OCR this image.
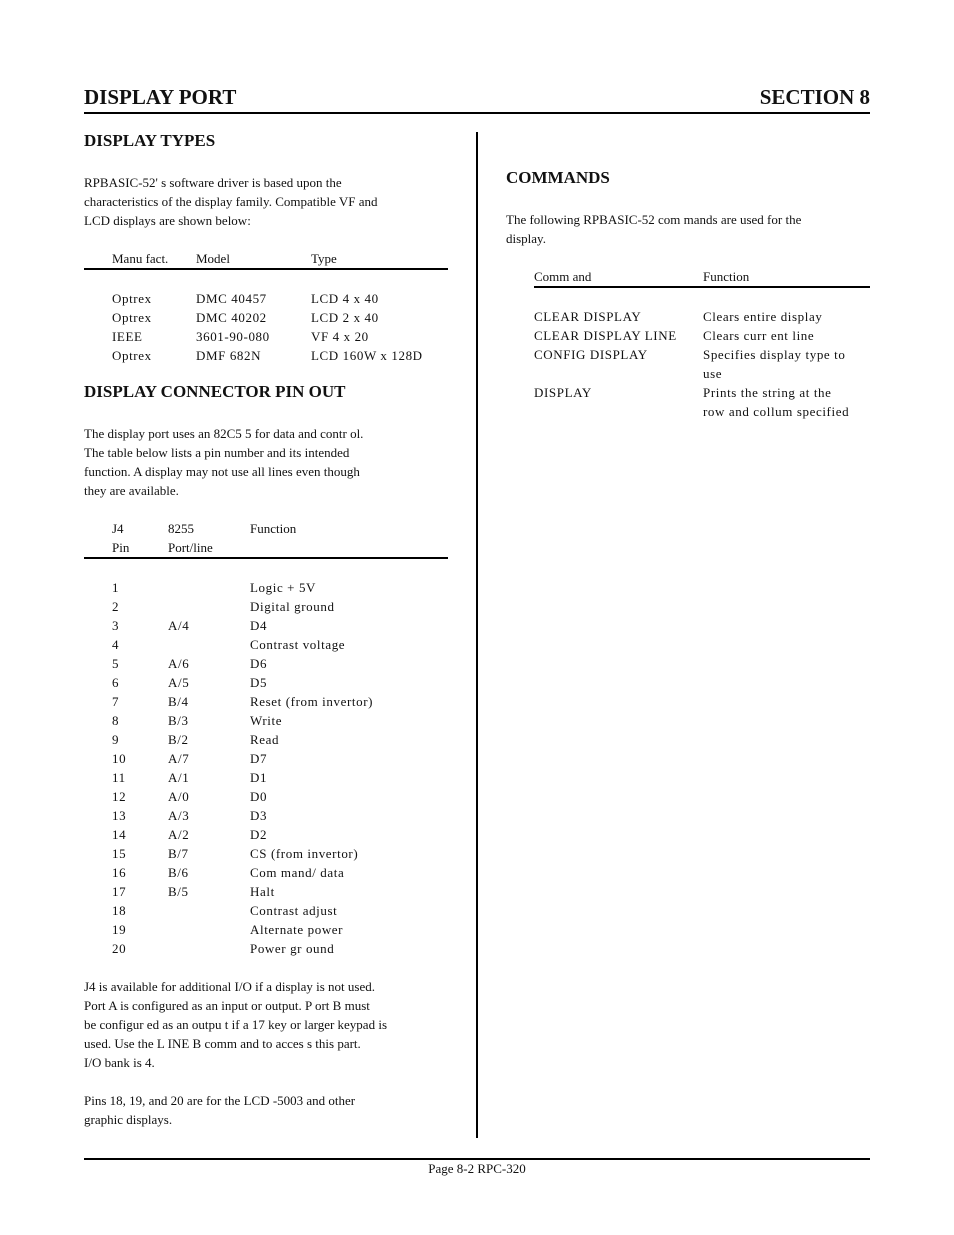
DISPLAY PORT	SECTION 8
DISPLAY TYPES

RPBASIC-52' s software driver is based upon the

characteristics of the display family. Compatible VF and

LCD displays are shown below:

Manu fact.	Model	Type
Optrex	DMC 40457	LCD 4 x 40
Optrex	DMC 40202	LCD 2 x 40
IEEE	3601-90-080	VF 4 x 20
Optrex	DMF 682N	LCD 160W x 128D
DISPLAY CONNECTOR PIN OUT

The display port uses an 82C5 5 for data and contr ol.

The table below lists a pin number and its intended

function. A display may not use all lines even though

they are available.

J4	8255	Function
Pin	Port/line	
1		Logic + 5V
2		Digital ground
3	A/4	D4
4		Contrast voltage
5	A/6	D6
6	A/5	D5
7	B/4	Reset (from invertor)
8	B/3	Write
9	B/2	Read
10	A/7	D7
11	A/1	D1
12	A/0	D0
13	A/3	D3
14	A/2	D2
15	B/7	CS (from invertor)
16	B/6	Com mand/ data
17	B/5	Halt
18		Contrast adjust
19		Alternate power
20		Power gr ound

J4 is available for additional I/O if a display is not used.

Port A is configured as an input or output. P ort B must

be configur ed as an outpu t if a 17 key or larger keypad is

used. Use the L INE B comm and to acces s this part.

I/O bank is 4.

Pins 18, 19, and 20 are for the LCD -5003 and other

graphic displays.

COMMANDS

The following RPBASIC-52 com mands are used for the

display.

Comm and	Function
CLEAR DISPLAY	Clears entire display
CLEAR DISPLAY LINE	Clears curr ent line
CONFIG DISPLAY	Specifies display type to
use

DISPLAY	Prints the string at the
row and collum specified
Page 8-2 RPC-320
